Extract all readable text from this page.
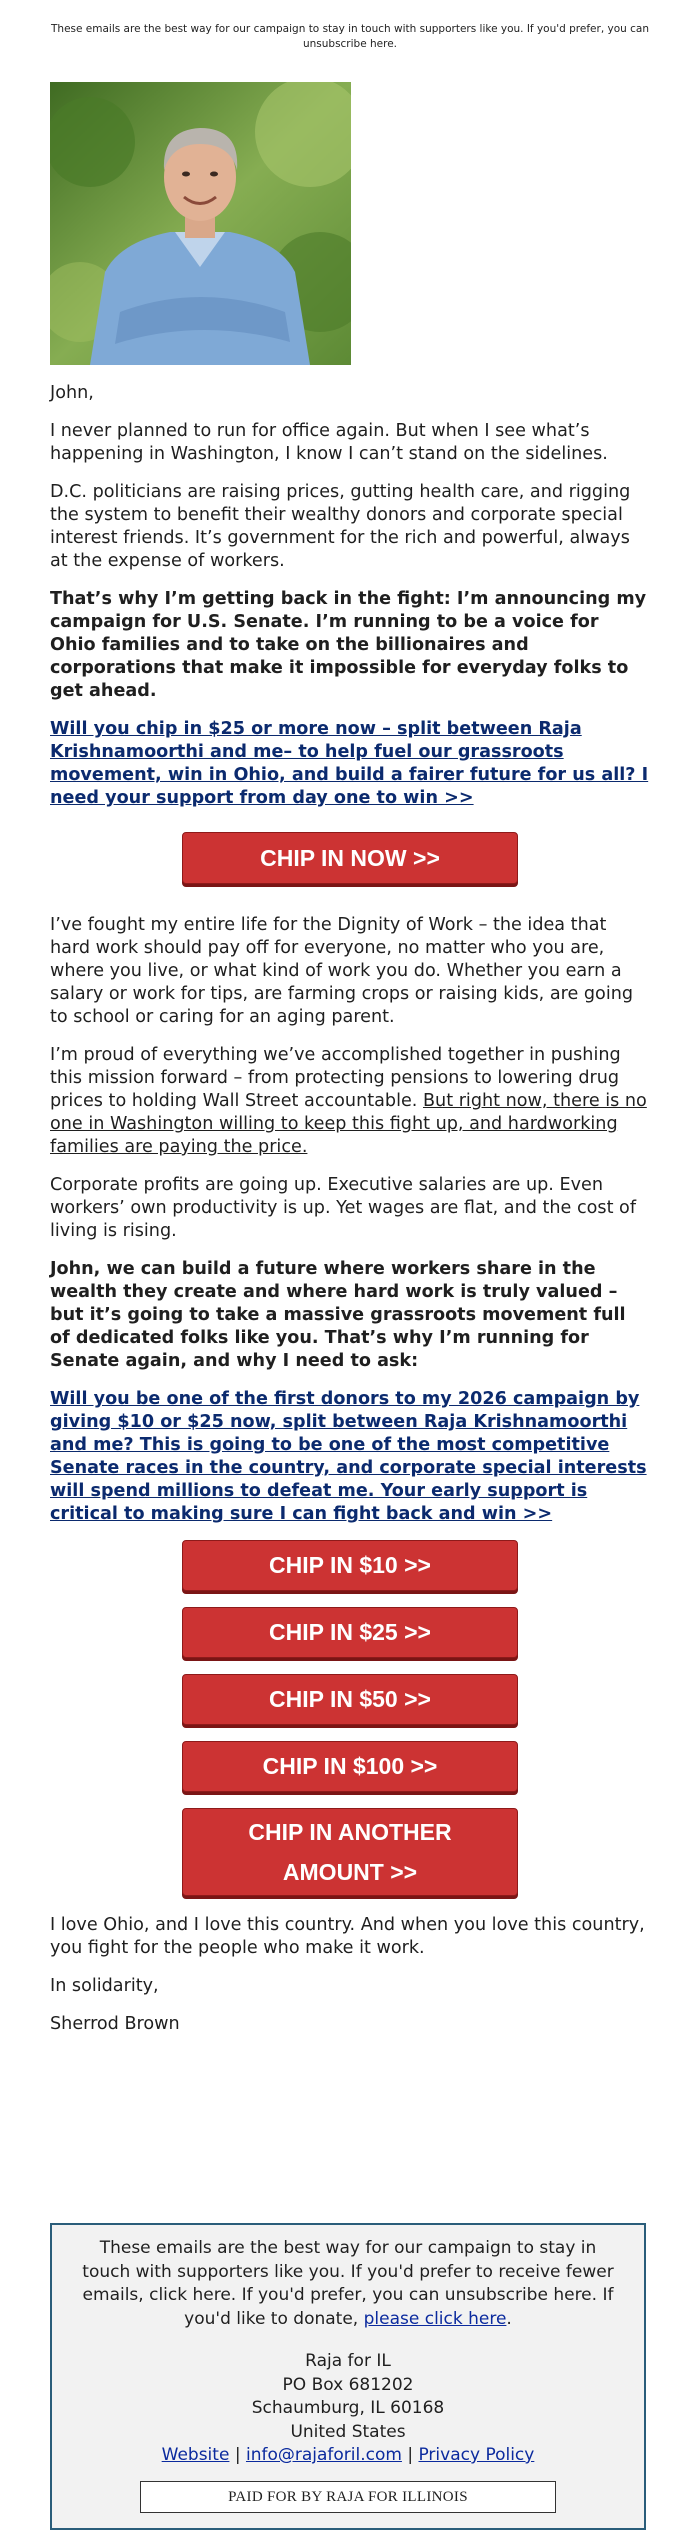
These emails are the best way for our campaign to stay in touch with supporters like you. If you'd prefer, you can unsubscribe here.

John,

I never planned to run for office again. But when I see what’s happening in Washington, I know I can’t stand on the sidelines.

D.C. politicians are raising prices, gutting health care, and rigging the system to benefit their wealthy donors and corporate special interest friends. It’s government for the rich and powerful, always at the expense of workers.

That’s why I’m getting back in the fight: I’m announcing my campaign for U.S. Senate. I’m running to be a voice for Ohio families and to take on the billionaires and corporations that make it impossible for everyday folks to get ahead.

Will you chip in $25 or more now – split between Raja Krishnamoorthi and me– to help fuel our grassroots movement, win in Ohio, and build a fairer future for us all? I need your support from day one to win >>
CHIP IN NOW >>

I’ve fought my entire life for the Dignity of Work – the idea that hard work should pay off for everyone, no matter who you are, where you live, or what kind of work you do. Whether you earn a salary or work for tips, are farming crops or raising kids, are going to school or caring for an aging parent.

I’m proud of everything we’ve accomplished together in pushing this mission forward – from protecting pensions to lowering drug prices to holding Wall Street accountable. But right now, there is no one in Washington willing to keep this fight up, and hardworking families are paying the price.

Corporate profits are going up. Executive salaries are up. Even workers’ own productivity is up. Yet wages are flat, and the cost of living is rising.

John, we can build a future where workers share in the wealth they create and where hard work is truly valued – but it’s going to take a massive grassroots movement full of dedicated folks like you. That’s why I’m running for Senate again, and why I need to ask:

Will you be one of the first donors to my 2026 campaign by giving $10 or $25 now, split between Raja Krishnamoorthi and me? This is going to be one of the most competitive Senate races in the country, and corporate special interests will spend millions to defeat me. Your early support is critical to making sure I can fight back and win >>
CHIP IN $10 >>
CHIP IN $25 >>
CHIP IN $50 >>
CHIP IN $100 >>
CHIP IN ANOTHER
AMOUNT >>

I love Ohio, and I love this country. And when you love this country, you fight for the people who make it work.

In solidarity,

Sherrod Brown

These emails are the best way for our campaign to stay in touch with supporters like you. If you'd prefer to receive fewer emails, click here. If you'd prefer, you can unsubscribe here. If you'd like to donate, please click here.
Raja for IL
PO Box 681202
Schaumburg, IL 60168
United States
Website | info@rajaforil.com | Privacy Policy
PAID FOR BY RAJA FOR ILLINOIS
